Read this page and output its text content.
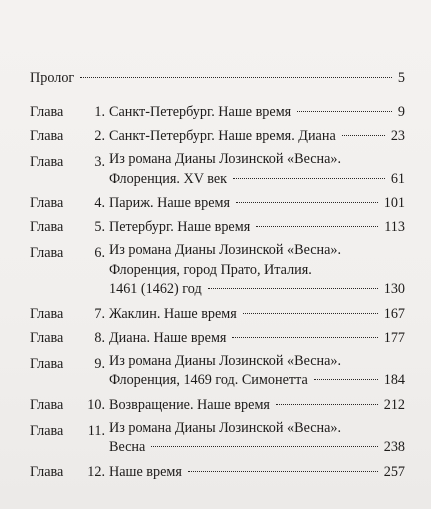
Пролог	5
Глава	1. Санкт-Петербург. Наше время	9
Глава	2. Санкт-Петербург. Наше время. Диана	23
Глава	3. Из романа Дианы Лозинской «Весна».
Флоренция. XV век	61
Глава	4. Париж. Наше время	101
Глава	5. Петербург. Наше время	113
Глава	6. Из романа Дианы Лозинской «Весна».
Флоренция, город Прато, Италия.
1461 (1462) год	130
Глава	7. Жаклин. Наше время	167
Глава	8. Диана. Наше время	177
Глава	9. Из романа Дианы Лозинской «Весна».
Флоренция, 1469 год. Симонетта	184
Глава	10. Возвращение. Наше время	212
Глава	11. Из романа Дианы Лозинской «Весна».
Весна	238
Глава	12. Наше время	257
